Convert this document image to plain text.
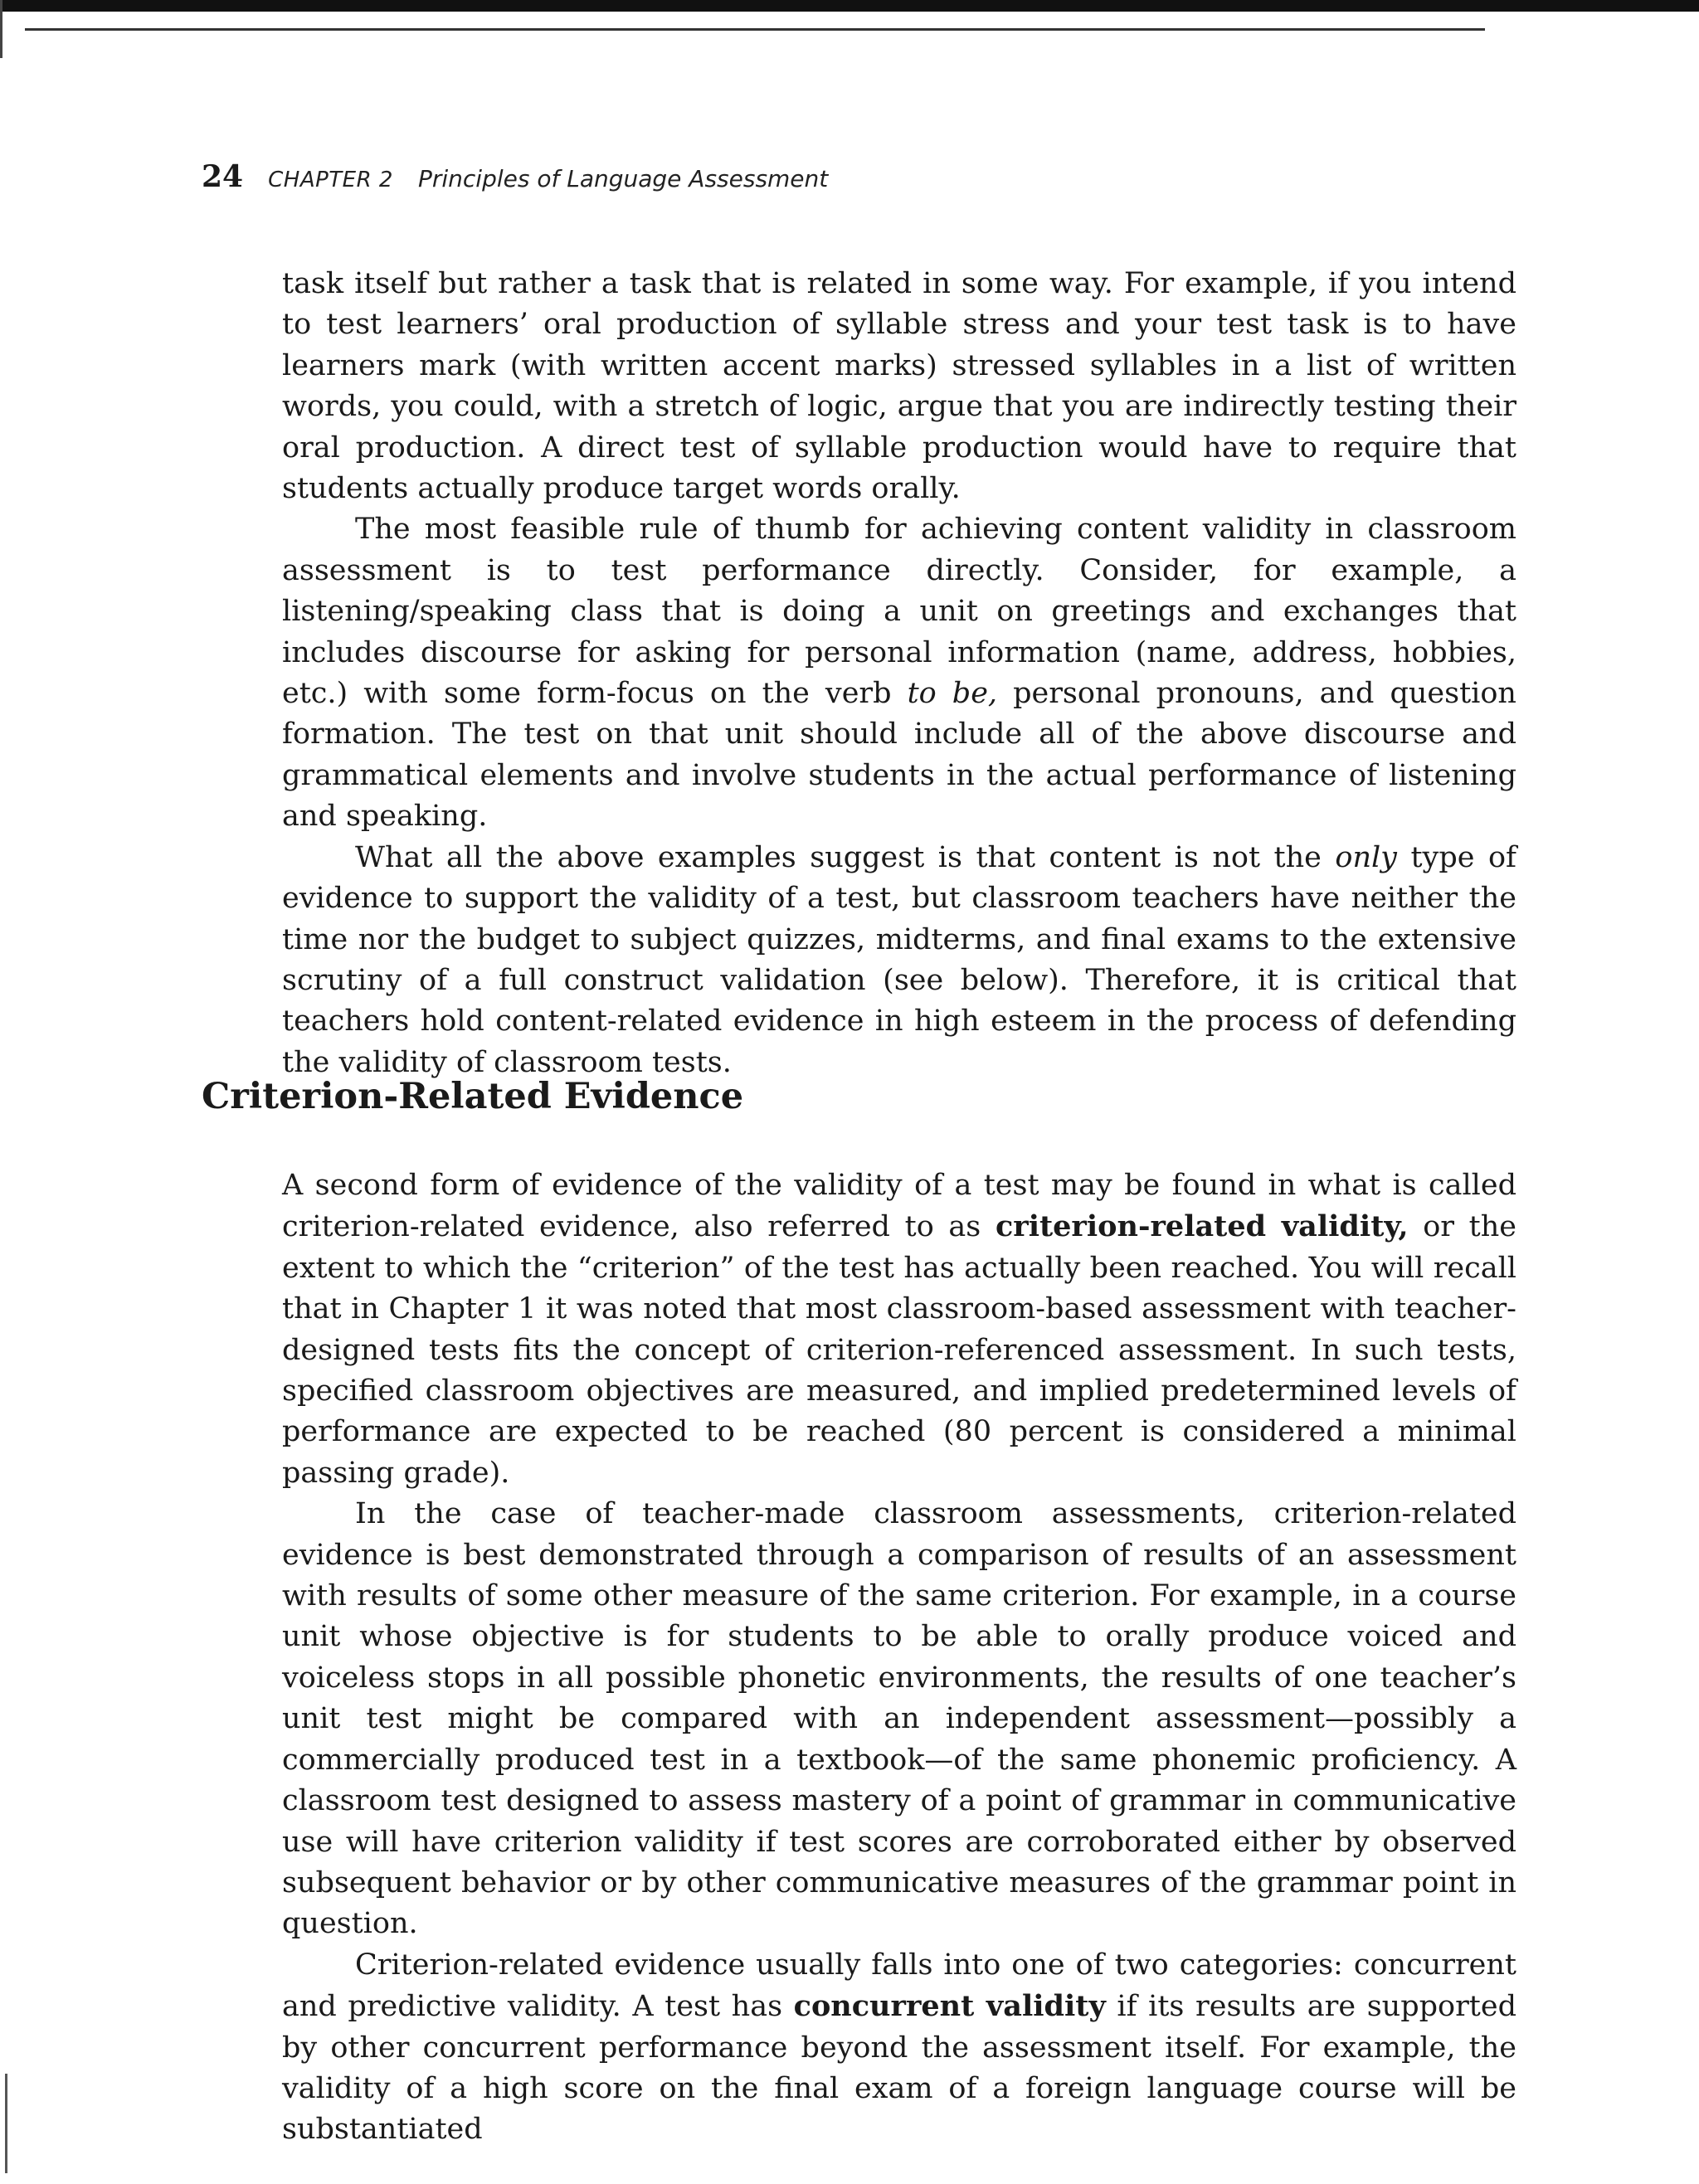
24 CHAPTER 2 Principles of Language Assessment

task itself but rather a task that is related in some way. For example, if you intend to test learners’ oral production of syllable stress and your test task is to have learners mark (with written accent marks) stressed syllables in a list of written words, you could, with a stretch of logic, argue that you are indirectly testing their oral production. A direct test of syllable production would have to require that students actually produce target words orally.

The most feasible rule of thumb for achieving content validity in classroom assessment is to test performance directly. Consider, for example, a listening/speaking class that is doing a unit on greetings and exchanges that includes discourse for asking for personal information (name, address, hobbies, etc.) with some form-focus on the verb to be, personal pronouns, and question formation. The test on that unit should include all of the above discourse and grammatical elements and involve students in the actual performance of listening and speaking.

What all the above examples suggest is that content is not the only type of evidence to support the validity of a test, but classroom teachers have neither the time nor the budget to subject quizzes, midterms, and final exams to the extensive scrutiny of a full construct validation (see below). Therefore, it is critical that teachers hold content-related evidence in high esteem in the process of defending the validity of classroom tests.

Criterion-Related Evidence

A second form of evidence of the validity of a test may be found in what is called criterion-related evidence, also referred to as criterion-related validity, or the extent to which the “criterion” of the test has actually been reached. You will recall that in Chapter 1 it was noted that most classroom-based assessment with teacher-designed tests fits the concept of criterion-referenced assessment. In such tests, specified classroom objectives are measured, and implied predetermined levels of performance are expected to be reached (80 percent is considered a minimal passing grade).

In the case of teacher-made classroom assessments, criterion-related evidence is best demonstrated through a comparison of results of an assessment with results of some other measure of the same criterion. For example, in a course unit whose objective is for students to be able to orally produce voiced and voiceless stops in all possible phonetic environments, the results of one teacher’s unit test might be compared with an independent assessment—possibly a commercially produced test in a textbook—of the same phonemic proficiency. A classroom test designed to assess mastery of a point of grammar in communicative use will have criterion validity if test scores are corroborated either by observed subsequent behavior or by other communicative measures of the grammar point in question.

Criterion-related evidence usually falls into one of two categories: concurrent and predictive validity. A test has concurrent validity if its results are supported by other concurrent performance beyond the assessment itself. For example, the validity of a high score on the final exam of a foreign language course will be substantiated
